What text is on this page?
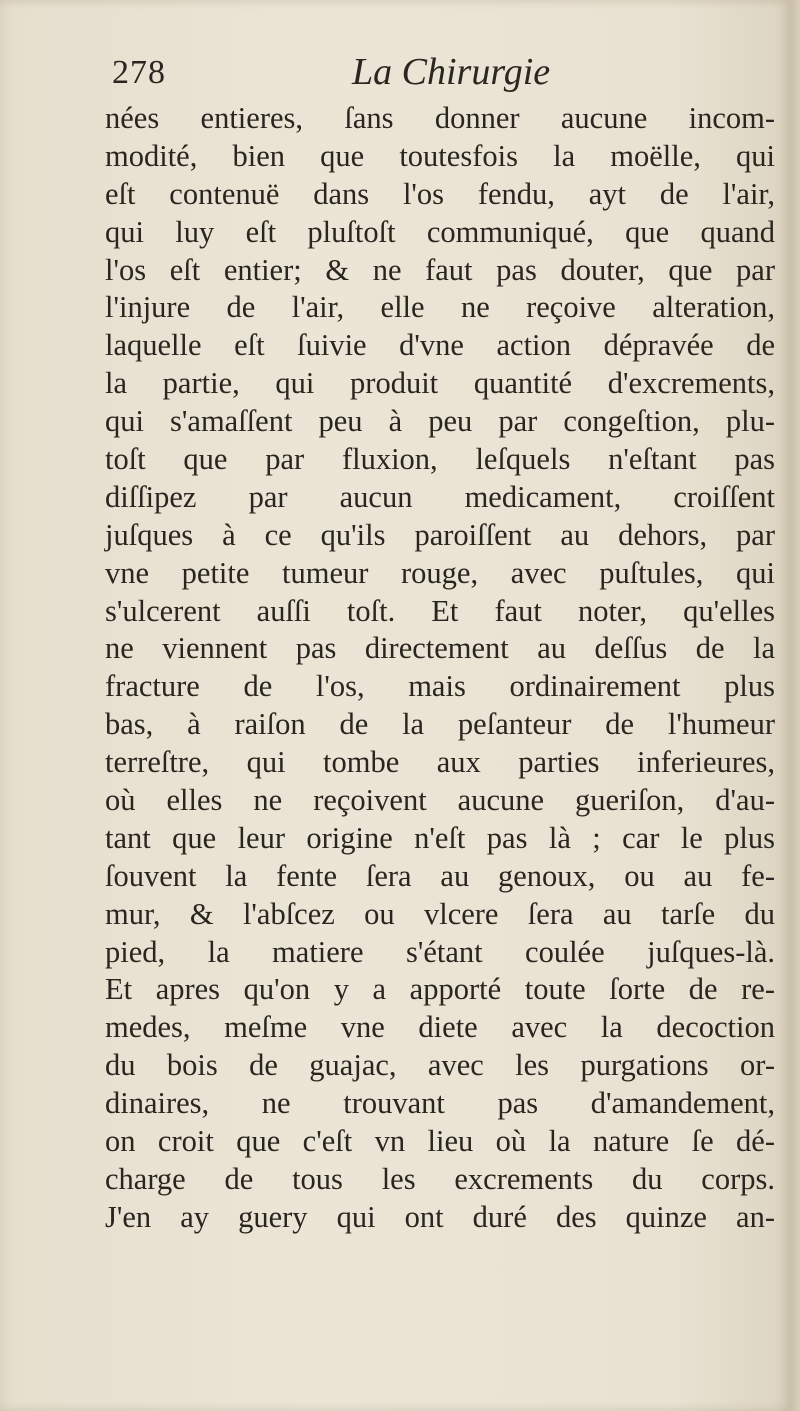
278	La Chirurgie
nées entieres, ſans donner aucune incom-
modité, bien que toutesfois la moëlle, qui
eſt contenuë dans l'os fendu, ayt de l'air,
qui luy eſt pluſtoſt communiqué, que quand
l'os eſt entier; & ne faut pas douter, que par
l'injure de l'air, elle ne reçoive alteration,
laquelle eſt ſuivie d'vne action dépravée de
la partie, qui produit quantité d'excrements,
qui s'amaſſent peu à peu par congeſtion, plu-
toſt que par fluxion, leſquels n'eſtant pas
diſſipez par aucun medicament, croiſſent
juſques à ce qu'ils paroiſſent au dehors, par
vne petite tumeur rouge, avec puſtules, qui
s'ulcerent auſſi toſt. Et faut noter, qu'elles
ne viennent pas directement au deſſus de la
fracture de l'os, mais ordinairement plus
bas, à raiſon de la peſanteur de l'humeur
terreſtre, qui tombe aux parties inferieures,
où elles ne reçoivent aucune gueriſon, d'au-
tant que leur origine n'eſt pas là ; car le plus
ſouvent la fente ſera au genoux, ou au fe-
mur, & l'abſcez ou vlcere ſera au tarſe du
pied, la matiere s'étant coulée juſques-là.
Et apres qu'on y a apporté toute ſorte de re-
medes, meſme vne diete avec la decoction
du bois de guajac, avec les purgations or-
dinaires, ne trouvant pas d'amandement,
on croit que c'eſt vn lieu où la nature ſe dé-
charge de tous les excrements du corps.
J'en ay guery qui ont duré des quinze an-
